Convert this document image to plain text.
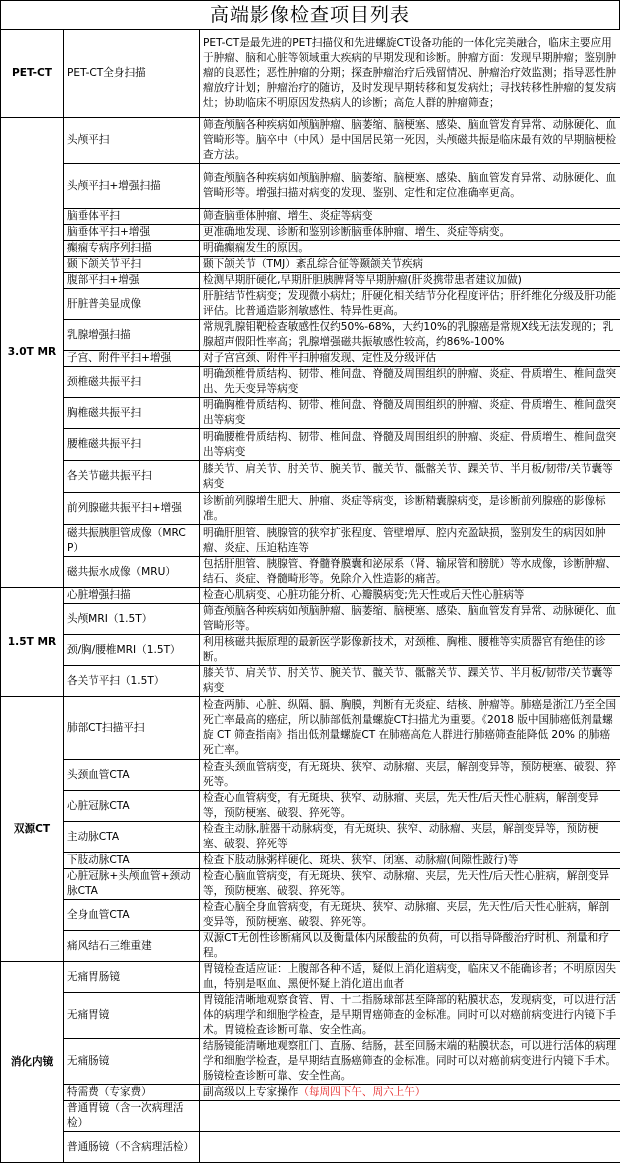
高端影像检查项目列表
PET-CT	PET-CT全身扫描	PET-CT是最先进的PET扫描仪和先进螺旋CT设备功能的一体化完美融合，临床主要应用于肿瘤、脑和心脏等领域重大疾病的早期发现和诊断。肿瘤方面：发现早期肿瘤；鉴别肿瘤的良恶性；恶性肿瘤的分期；探查肿瘤治疗后残留情况、肿瘤治疗效监测；指导恶性肿瘤放疗计划；肿瘤治疗的随访，及时发现早期转移和复发病灶；寻找转移性肿瘤的复发病灶；协助临床不明原因发热病人的诊断；高危人群的肿瘤筛查；
3.0T MR	头颅平扫	筛查颅脑各种疾病如颅脑肿瘤、脑萎缩、脑梗塞、感染、脑血管发育异常、动脉硬化、血管畸形等。脑卒中（中风）是中国居民第一死因，头颅磁共振是临床最有效的早期脑梗检查方法。
	头颅平扫+增强扫描	筛查颅脑各种疾病如颅脑肿瘤、脑萎缩、脑梗塞、感染、脑血管发育异常、动脉硬化、血管畸形等。增强扫描对病变的发现、鉴别、定性和定位准确率更高。
	脑垂体平扫	筛查脑垂体肿瘤、增生、炎症等病变
	脑垂体平扫+增强	更准确地发现、诊断和鉴别诊断脑垂体肿瘤、增生、炎症等病变。
	癫痫专病序列扫描	明确癫痫发生的原因。
	颞下颌关节平扫	颞下颌关节（TMJ）紊乱综合征等颞颌关节疾病
	腹部平扫+增强	检测早期肝硬化,早期肝胆胰脾肾等早期肿瘤(肝炎携带患者建议加做)
	肝脏普美显成像	肝脏结节性病变；发现微小病灶；肝硬化相关结节分化程度评估；肝纤维化分级及肝功能评估。比普通造影剂敏感性、特异性更高。
	乳腺增强扫描	常规乳腺钼靶检查敏感性仅约50%-68%，大约10%的乳腺癌是常规X线无法发现的；乳腺超声假阳性率高；乳腺增强磁共振敏感性较高，约86%-100%
	子宫、附件平扫+增强	对子宫宫颈、附件平扫肿瘤发现、定性及分级评估
	颈椎磁共振平扫	明确颈椎骨质结构、韧带、椎间盘、脊髓及周围组织的肿瘤、炎症、骨质增生、椎间盘突出、先天变异等病变
	胸椎磁共振平扫	明确胸椎骨质结构、韧带、椎间盘、脊髓及周围组织的肿瘤、炎症、骨质增生、椎间盘突出等病变
	腰椎磁共振平扫	明确腰椎骨质结构、韧带、椎间盘、脊髓及周围组织的肿瘤、炎症、骨质增生、椎间盘突出等病变
	各关节磁共振平扫	膝关节、肩关节、肘关节、腕关节、髋关节、骶髂关节、踝关节、半月板/韧带/关节囊等病变
	前列腺磁共振平扫+增强	诊断前列腺增生肥大、肿瘤、炎症等病变，诊断精囊腺病变，是诊断前列腺癌的影像标准。
	磁共振胰胆管成像（MRCP）	明确肝胆管、胰腺管的狭窄扩张程度、管壁增厚、腔内充盈缺损，鉴别发生的病因如肿瘤、炎症、压迫粘连等
	磁共振水成像（MRU）	包括肝胆管、胰腺管、脊髓脊膜囊和泌尿系（肾、输尿管和膀胱）等水成像，诊断肿瘤、结石、炎症、脊髓畸形等。免除介入性造影的痛苦。
1.5T MR	心脏增强扫描	检查心肌病变、心脏功能分析、心瓣膜病变;先天性或后天性心脏病等
	头颅MRI（1.5T）	筛查颅脑各种疾病如颅脑肿瘤、脑萎缩、脑梗塞、感染、脑血管发育异常、动脉硬化、血管畸形等。
	颈/胸/腰椎MRI（1.5T）	利用核磁共振原理的最新医学影像新技术，对颈椎、胸椎、腰椎等实质器官有绝佳的诊断。
	各关节平扫（1.5T）	膝关节、肩关节、肘关节、腕关节、髋关节、骶髂关节、踝关节、半月板/韧带/关节囊等病变
双源CT	肺部CT扫描平扫	检查两肺、心脏、纵隔、膈、胸膜，判断有无炎症、结核、肿瘤等。肺癌是浙江乃至全国死亡率最高的癌症，所以肺部低剂量螺旋CT扫描尤为重要。《2018 版中国肺癌低剂量螺旋 CT 筛查指南》指出低剂量螺旋CT 在肺癌高危人群进行肺癌筛查能降低 20% 的肺癌死亡率。
	头颈血管CTA	检查头颈血管病变，有无斑块、狭窄、动脉瘤、夹层，解剖变异等，预防梗塞、破裂、猝死等。
	心脏冠脉CTA	检查心血管病变，有无斑块、狭窄、动脉瘤、夹层，先天性/后天性心脏病，解剖变异等，预防梗塞、破裂、猝死等。
	主动脉CTA	检查主动脉,脏器干动脉病变，有无斑块、狭窄、动脉瘤、夹层，解剖变异等，预防梗塞、破裂、猝死等
	下肢动脉CTA	检查下肢动脉粥样硬化、斑块、狭窄、闭塞、动脉瘤(间隙性跛行)等
	心脏冠脉+头颅血管+颈动脉CTA	检查心脑血管病变，有无斑块、狭窄、动脉瘤、夹层，先天性/后天性心脏病，解剖变异等，预防梗塞、破裂、猝死等。
	全身血管CTA	检查心脑全身血管病变，有无斑块、狭窄、动脉瘤、夹层，先天性/后天性心脏病，解剖变异等，预防梗塞、破裂、猝死等。
	痛风结石三维重建	双源CT无创性诊断痛风以及衡量体内尿酸盐的负荷，可以指导降酸治疗时机、剂量和疗程。
消化内镜	无痛胃肠镜	胃镜检查适应证：上腹部各种不适，疑似上消化道病变，临床又不能确诊者；不明原因失血，特别是呕血、黑便怀疑上消化道出血者
	无痛胃镜	胃镜能清晰地观察食管、胃、十二指肠球部甚至降部的粘膜状态，发现病变，可以进行活体的病理学和细胞学检查，是早期胃癌筛查的金标准。同时可以对癌前病变进行内镜下手术。胃镜检查诊断可靠、安全性高。
	无痛肠镜	结肠镜能清晰地观察肛门、直肠、结肠，甚至回肠末端的粘膜状态，可以进行活体的病理学和细胞学检查，是早期结直肠癌筛查的金标准。同时可以对癌前病变进行内镜下手术。肠镜检查诊断可靠、安全性高。
	特需费（专家费）	副高级以上专家操作（每周四下午、周六上午）
	普通胃镜（含一次病理活检）	
	普通肠镜（不含病理活检）	
